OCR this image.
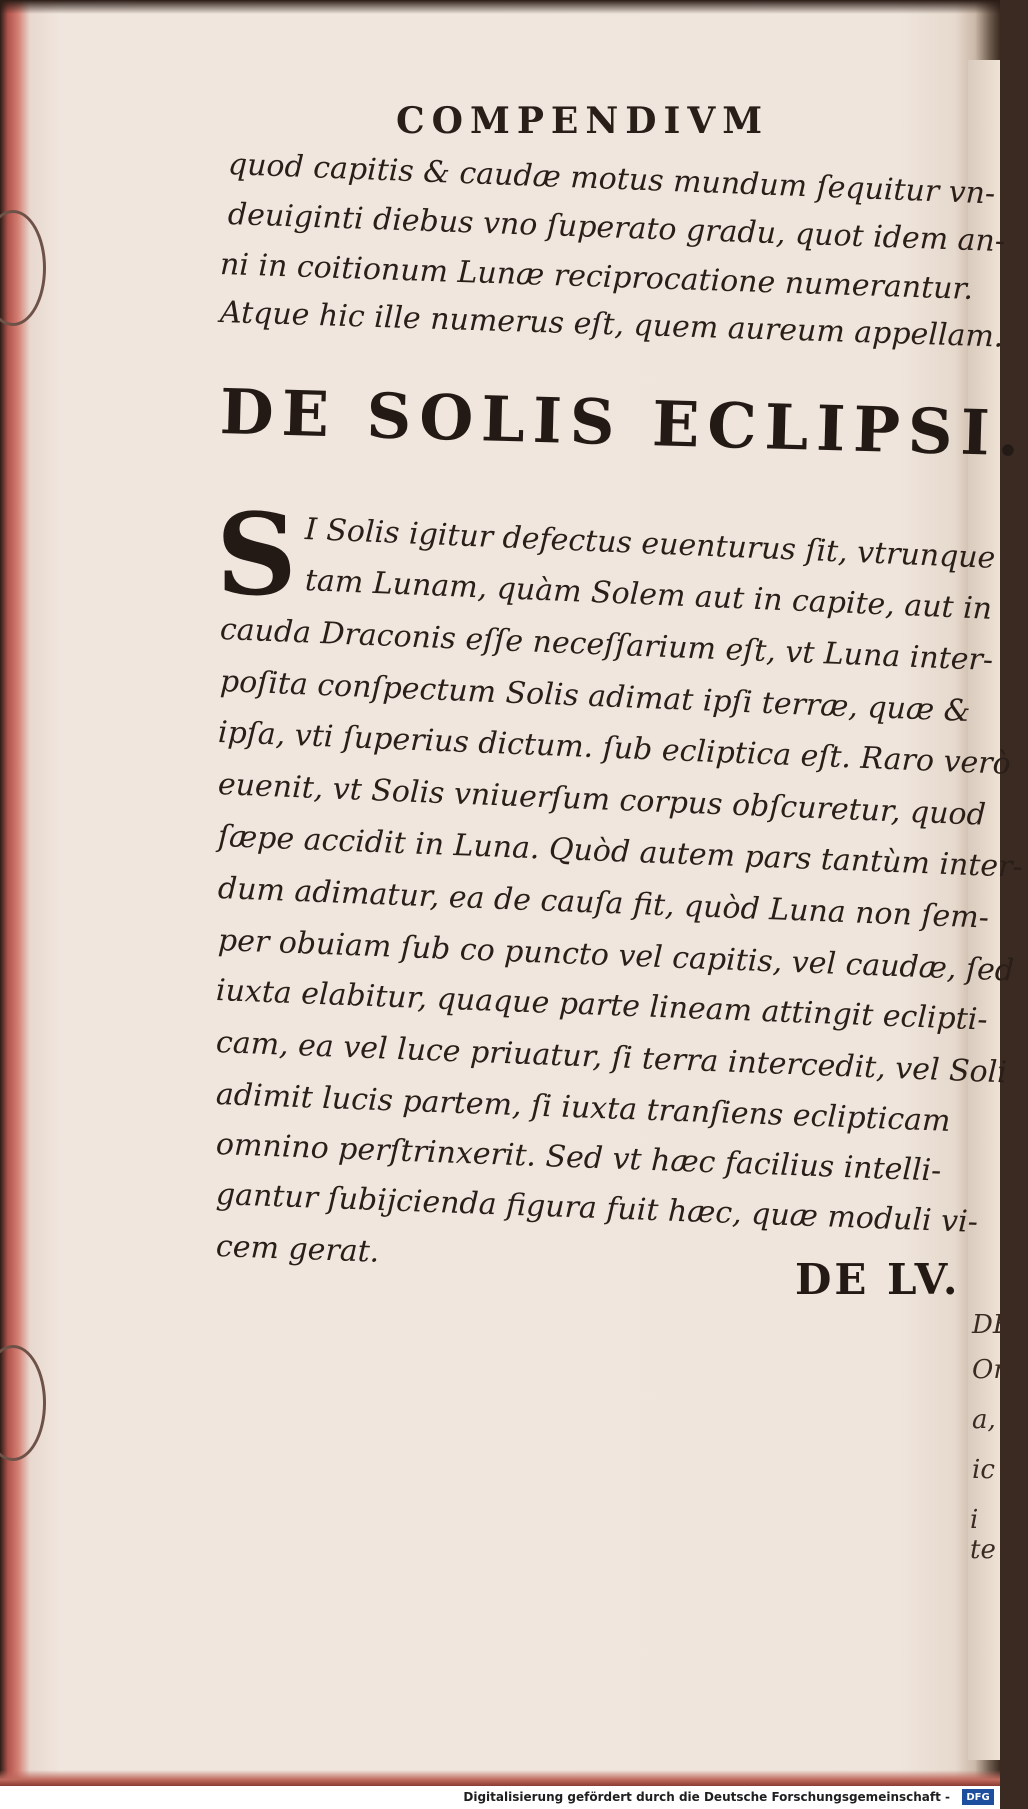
COMPENDIVM
quod capitis & caudæ motus mundum ſequitur vn-
deuiginti diebus vno ſuperato gradu, quot idem an-
ni in coitionum Lunæ reciprocatione numerantur.
Atque hic ille numerus eſt, quem aureum appellam.
DE SOLIS ECLIPSI.
S I Solis igitur defectus euenturus ſit, vtrunque
tam Lunam, quàm Solem aut in capite, aut in
cauda Draconis eſſe neceſſarium eſt, vt Luna inter-
poſita conſpectum Solis adimat ipſi terræ, quæ &
ipſa, vti ſuperius dictum. ſub ecliptica eſt. Raro verò
euenit, vt Solis vniuerſum corpus obſcuretur, quod
ſæpe accidit in Luna. Quòd autem pars tantùm inter-
dum adimatur, ea de cauſa fit, quòd Luna non ſem-
per obuiam ſub co puncto vel capitis, vel caudæ, ſed
iuxta elabitur, quaque parte lineam attingit eclipti-
cam, ea vel luce priuatur, ſi terra intercedit, vel Soli
adimit lucis partem, ſi iuxta tranſiens eclipticam
omnino perſtrinxerit. Sed vt hæc facilius intelli-
gantur ſubijcienda figura fuit hæc, quæ moduli vi-
cem gerat.
DE LV.
DE
Ore
a,
ic
i te
Digitalisierung gefördert durch die Deutsche Forschungsgemeinschaft -	DFG
